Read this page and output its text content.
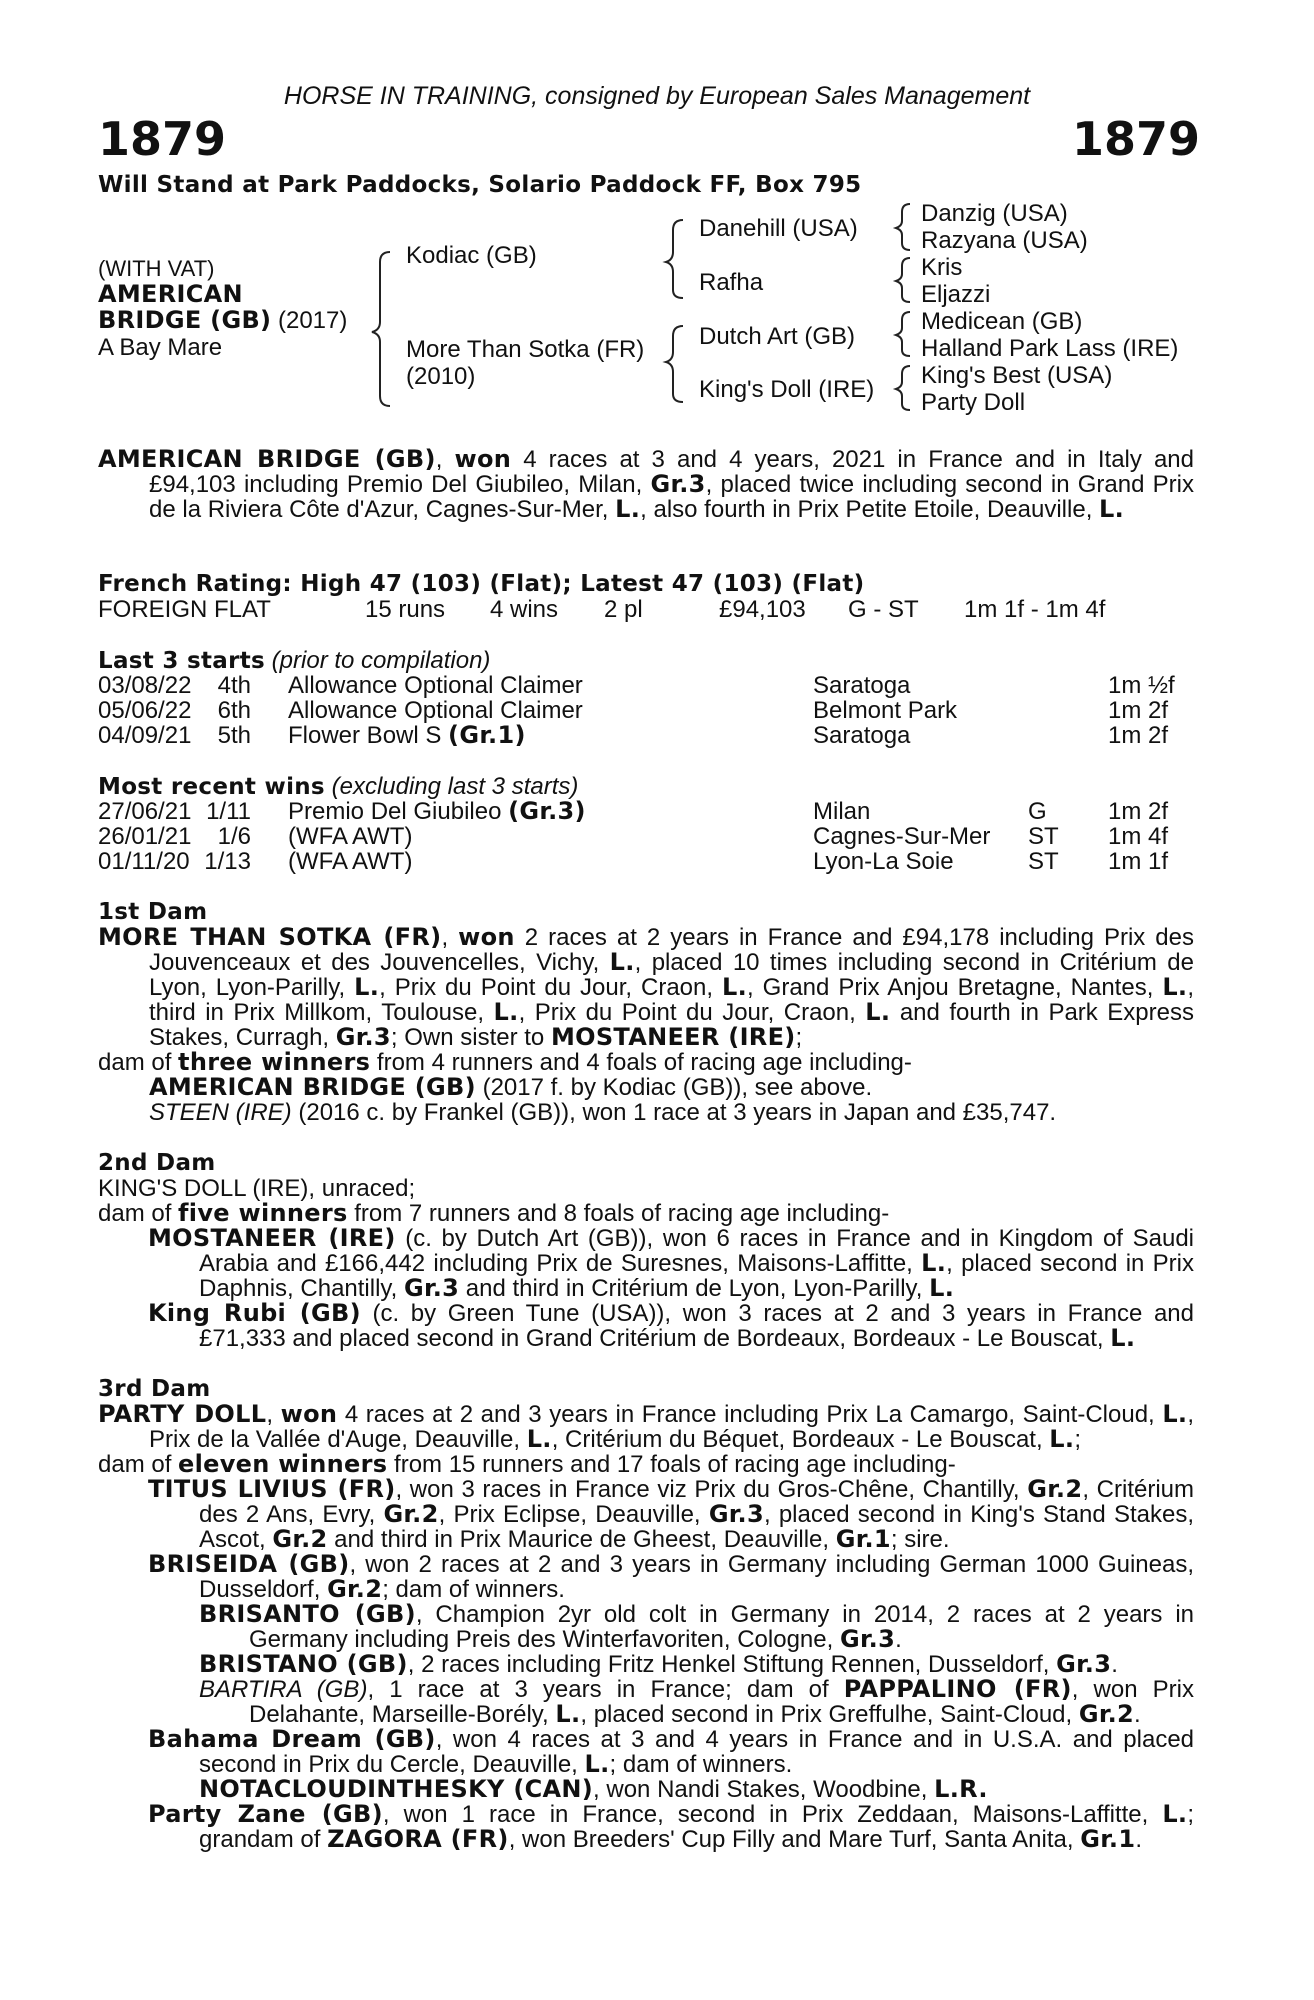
HORSE IN TRAINING, consigned by European Sales Management
1879	1879
Will Stand at Park Paddocks, Solario Paddock FF, Box 795
(WITH VAT)
AMERICAN
BRIDGE (GB) (2017)
A Bay Mare
Kodiac (GB)
More Than Sotka (FR)
(2010)
Danehill (USA)
Rafha
Dutch Art (GB)
King's Doll (IRE)
Danzig (USA)
Razyana (USA)
Kris
Eljazzi
Medicean (GB)
Halland Park Lass (IRE)
King's Best (USA)
Party Doll

AMERICAN BRIDGE (GB), won 4 races at 3 and 4 years, 2021 in France and in Italy and £94,103 including Premio Del Giubileo, Milan, Gr.3, placed twice including second in Grand Prix de la Riviera Côte d'Azur, Cagnes-Sur-Mer, L., also fourth in Prix Petite Etoile, Deauville, L.

French Rating: High 47 (103) (Flat); Latest 47 (103) (Flat)
FOREIGN FLAT	15 runs 4 wins 2 pl	£94,103 G - ST 1m 1f - 1m 4f
Last 3 starts (prior to compilation)
03/08/22	4th Allowance Optional Claimer	Saratoga	1m ½f
05/06/22	6th Allowance Optional Claimer	Belmont Park	1m 2f
04/09/21	5th Flower Bowl S (Gr.1)	Saratoga	1m 2f
Most recent wins (excluding last 3 starts)
27/06/21 1/11 Premio Del Giubileo (Gr.3)	Milan	G	1m 2f
26/01/21	1/6 (WFA AWT)	Cagnes-Sur-Mer ST 1m 4f
01/11/20 1/13 (WFA AWT)	Lyon-La Soie	ST 1m 1f
1st Dam

MORE THAN SOTKA (FR), won 2 races at 2 years in France and £94,178 including Prix des Jouvenceaux et des Jouvencelles, Vichy, L., placed 10 times including second in Critérium de Lyon, Lyon-Parilly, L., Prix du Point du Jour, Craon, L., Grand Prix Anjou Bretagne, Nantes, L., third in Prix Millkom, Toulouse, L., Prix du Point du Jour, Craon, L. and fourth in Park Express Stakes, Curragh, Gr.3; Own sister to MOSTANEER (IRE);

dam of three winners from 4 runners and 4 foals of racing age including-

AMERICAN BRIDGE (GB) (2017 f. by Kodiac (GB)), see above.

STEEN (IRE) (2016 c. by Frankel (GB)), won 1 race at 3 years in Japan and £35,747.

2nd Dam

KING'S DOLL (IRE), unraced;

dam of five winners from 7 runners and 8 foals of racing age including-

MOSTANEER (IRE) (c. by Dutch Art (GB)), won 6 races in France and in Kingdom of Saudi Arabia and £166,442 including Prix de Suresnes, Maisons-Laffitte, L., placed second in Prix Daphnis, Chantilly, Gr.3 and third in Critérium de Lyon, Lyon-Parilly, L.

King Rubi (GB) (c. by Green Tune (USA)), won 3 races at 2 and 3 years in France and £71,333 and placed second in Grand Critérium de Bordeaux, Bordeaux - Le Bouscat, L.

3rd Dam

PARTY DOLL, won 4 races at 2 and 3 years in France including Prix La Camargo, Saint-Cloud, L., Prix de la Vallée d'Auge, Deauville, L., Critérium du Béquet, Bordeaux - Le Bouscat, L.;

dam of eleven winners from 15 runners and 17 foals of racing age including-

TITUS LIVIUS (FR), won 3 races in France viz Prix du Gros-Chêne, Chantilly, Gr.2, Critérium des 2 Ans, Evry, Gr.2, Prix Eclipse, Deauville, Gr.3, placed second in King's Stand Stakes, Ascot, Gr.2 and third in Prix Maurice de Gheest, Deauville, Gr.1; sire.

BRISEIDA (GB), won 2 races at 2 and 3 years in Germany including German 1000 Guineas, Dusseldorf, Gr.2; dam of winners.

BRISANTO (GB), Champion 2yr old colt in Germany in 2014, 2 races at 2 years in Germany including Preis des Winterfavoriten, Cologne, Gr.3.

BRISTANO (GB), 2 races including Fritz Henkel Stiftung Rennen, Dusseldorf, Gr.3.

BARTIRA (GB), 1 race at 3 years in France; dam of PAPPALINO (FR), won Prix Delahante, Marseille-Borély, L., placed second in Prix Greffulhe, Saint-Cloud, Gr.2.

Bahama Dream (GB), won 4 races at 3 and 4 years in France and in U.S.A. and placed second in Prix du Cercle, Deauville, L.; dam of winners.

NOTACLOUDINTHESKY (CAN), won Nandi Stakes, Woodbine, L.R.

Party Zane (GB), won 1 race in France, second in Prix Zeddaan, Maisons-Laffitte, L.; grandam of ZAGORA (FR), won Breeders' Cup Filly and Mare Turf, Santa Anita, Gr.1.
